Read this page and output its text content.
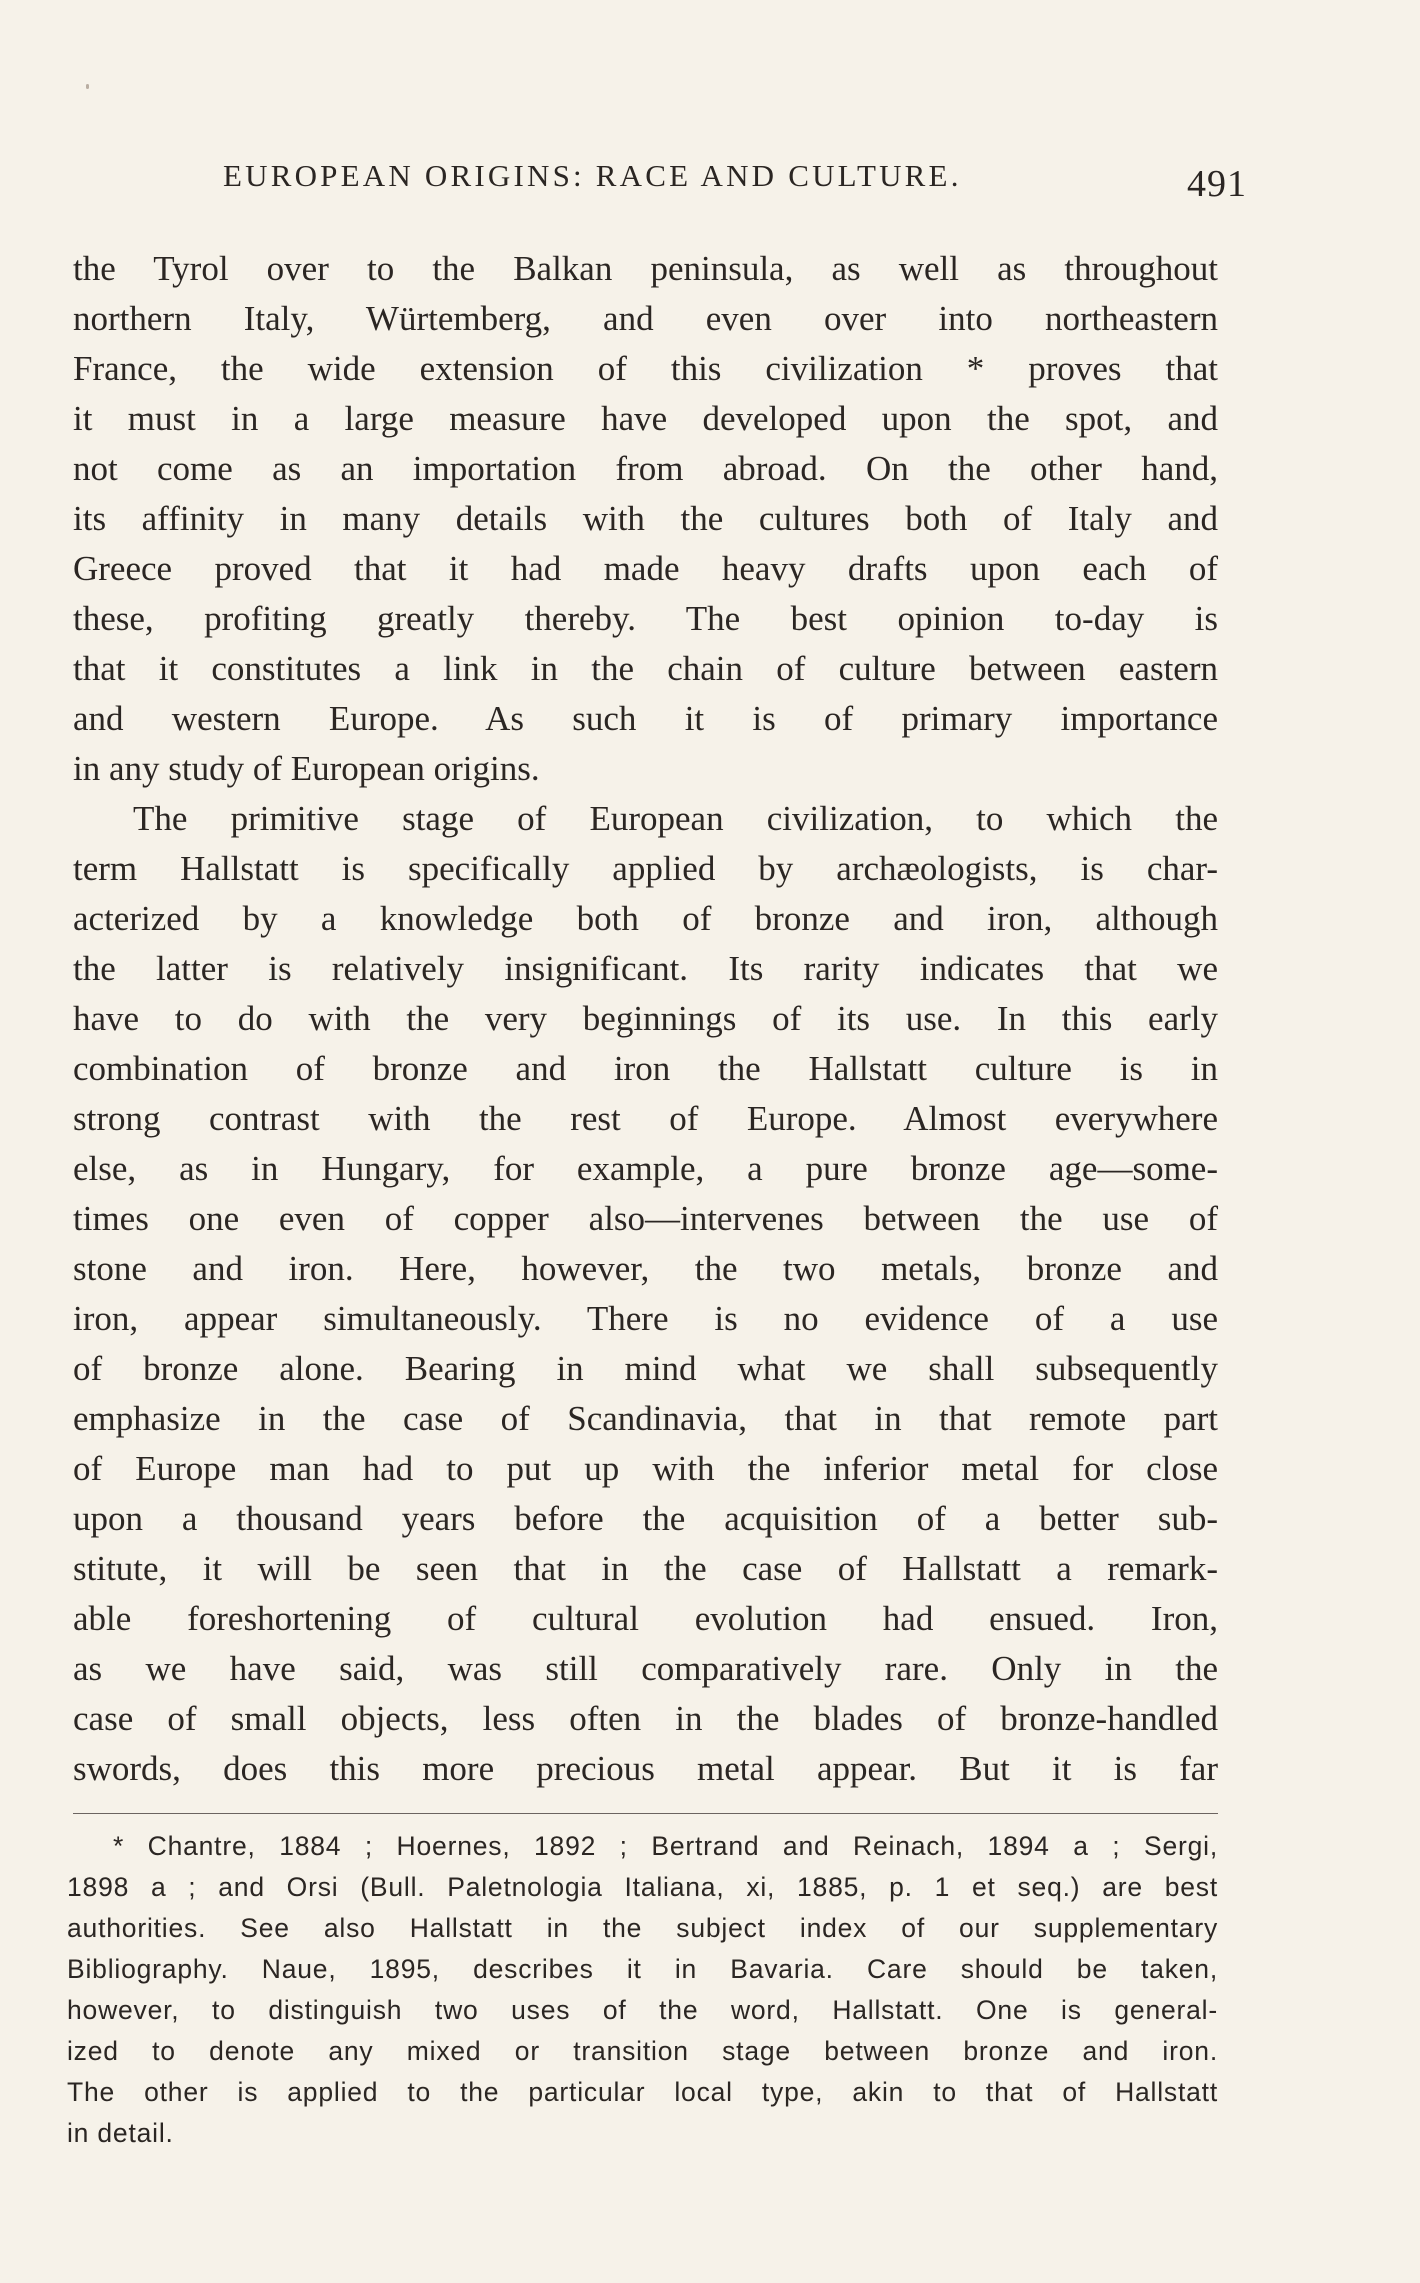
EUROPEAN ORIGINS: RACE AND CULTURE.	491
the Tyrol over to the Balkan peninsula, as well as throughout
northern Italy, Würtemberg, and even over into northeastern
France, the wide extension of this civilization * proves that
it must in a large measure have developed upon the spot, and
not come as an importation from abroad. On the other hand,
its affinity in many details with the cultures both of Italy and
Greece proved that it had made heavy drafts upon each of
these, profiting greatly thereby. The best opinion to-day is
that it constitutes a link in the chain of culture between eastern
and western Europe. As such it is of primary importance
in any study of European origins.
The primitive stage of European civilization, to which the
term Hallstatt is specifically applied by archæologists, is char-
acterized by a knowledge both of bronze and iron, although
the latter is relatively insignificant. Its rarity indicates that we
have to do with the very beginnings of its use. In this early
combination of bronze and iron the Hallstatt culture is in
strong contrast with the rest of Europe. Almost everywhere
else, as in Hungary, for example, a pure bronze age—some-
times one even of copper also—intervenes between the use of
stone and iron. Here, however, the two metals, bronze and
iron, appear simultaneously. There is no evidence of a use
of bronze alone. Bearing in mind what we shall subsequently
emphasize in the case of Scandinavia, that in that remote part
of Europe man had to put up with the inferior metal for close
upon a thousand years before the acquisition of a better sub-
stitute, it will be seen that in the case of Hallstatt a remark-
able foreshortening of cultural evolution had ensued. Iron,
as we have said, was still comparatively rare. Only in the
case of small objects, less often in the blades of bronze-handled
swords, does this more precious metal appear. But it is far
* Chantre, 1884 ; Hoernes, 1892 ; Bertrand and Reinach, 1894 a ; Sergi,
1898 a ; and Orsi (Bull. Paletnologia Italiana, xi, 1885, p. 1 et seq.) are best
authorities. See also Hallstatt in the subject index of our supplementary
Bibliography. Naue, 1895, describes it in Bavaria. Care should be taken,
however, to distinguish two uses of the word, Hallstatt. One is general-
ized to denote any mixed or transition stage between bronze and iron.
The other is applied to the particular local type, akin to that of Hallstatt
in detail.
